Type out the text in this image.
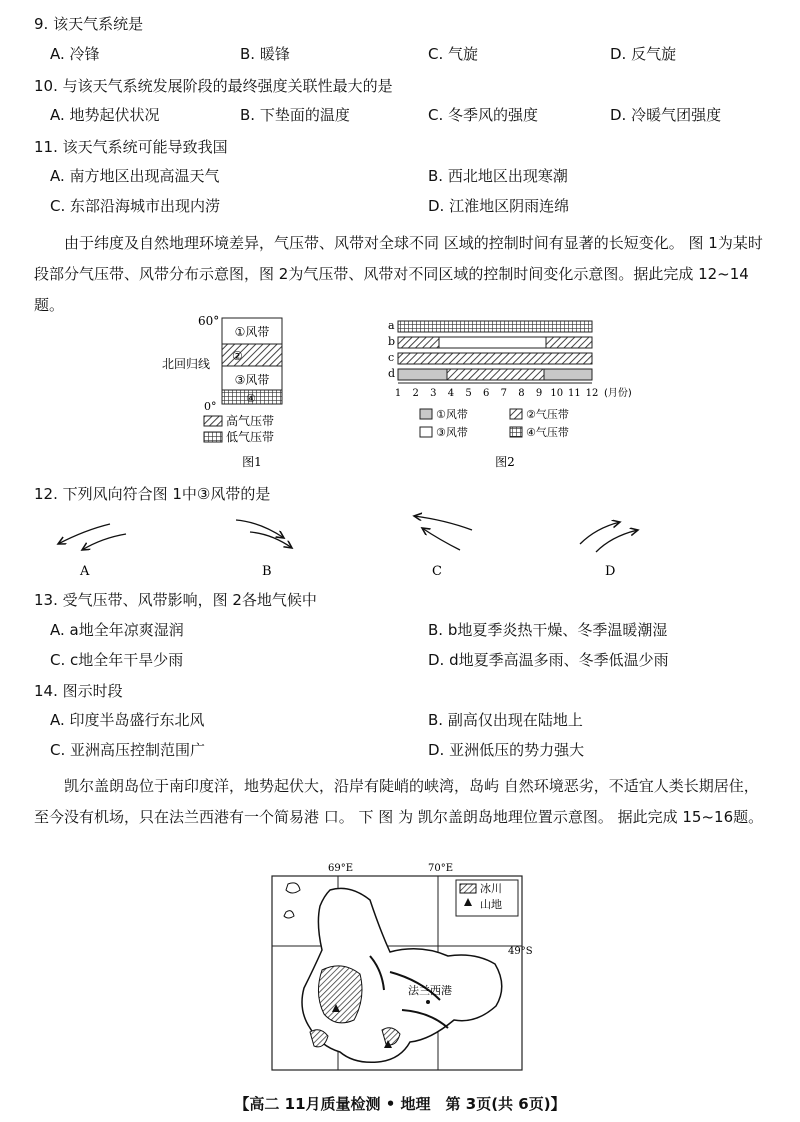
9. 该天气系统是
A. 冷锋	B. 暖锋	C. 气旋	D. 反气旋
10. 与该天气系统发展阶段的最终强度关联性最大的是
A. 地势起伏状况	B. 下垫面的温度	C. 冬季风的强度	D. 冷暖气团强度
11. 该天气系统可能导致我国
A. 南方地区出现高温天气	B. 西北地区出现寒潮
C. 东部沿海城市出现内涝	D. 江淮地区阴雨连绵
由于纬度及自然地理环境差异，气压带、风带对全球不同 区域的控制时间有显著的长短变化。 图 1为某时段部分气压带、风带分布示意图，图 2为气压带、风带对不同区域的控制时间变化示意图。据此完成 12~14题。
60°
①风带
②
北回归线
③风带
④
0°
高气压带
低气压带
图1
a
b
c
d
1 2 3 4 5 6 7 8 9 10 11 12 (月份)
①风带	②气压带
③风带	④气压带
图2
12. 下列风向符合图 1中③风带的是
A	B	C	D
13. 受气压带、风带影响，图 2各地气候中
A. a地全年凉爽湿润	B. b地夏季炎热干燥、冬季温暖潮湿
C. c地全年干旱少雨	D. d地夏季高温多雨、冬季低温少雨
14. 图示时段
A. 印度半岛盛行东北风	B. 副高仅出现在陆地上
C. 亚洲高压控制范围广	D. 亚洲低压的势力强大
凯尔盖朗岛位于南印度洋，地势起伏大，沿岸有陡峭的峡湾，岛屿 自然环境恶劣，不适宜人类长期居住，至今没有机场，只在法兰西港有一个简易港 口。 下 图 为 凯尔盖朗岛地理位置示意图。 据此完成 15~16题。
69°E	70°E
49°S
法兰西港
冰川
山地
【高二 11月质量检测 • 地理　第 3页(共 6页)】
